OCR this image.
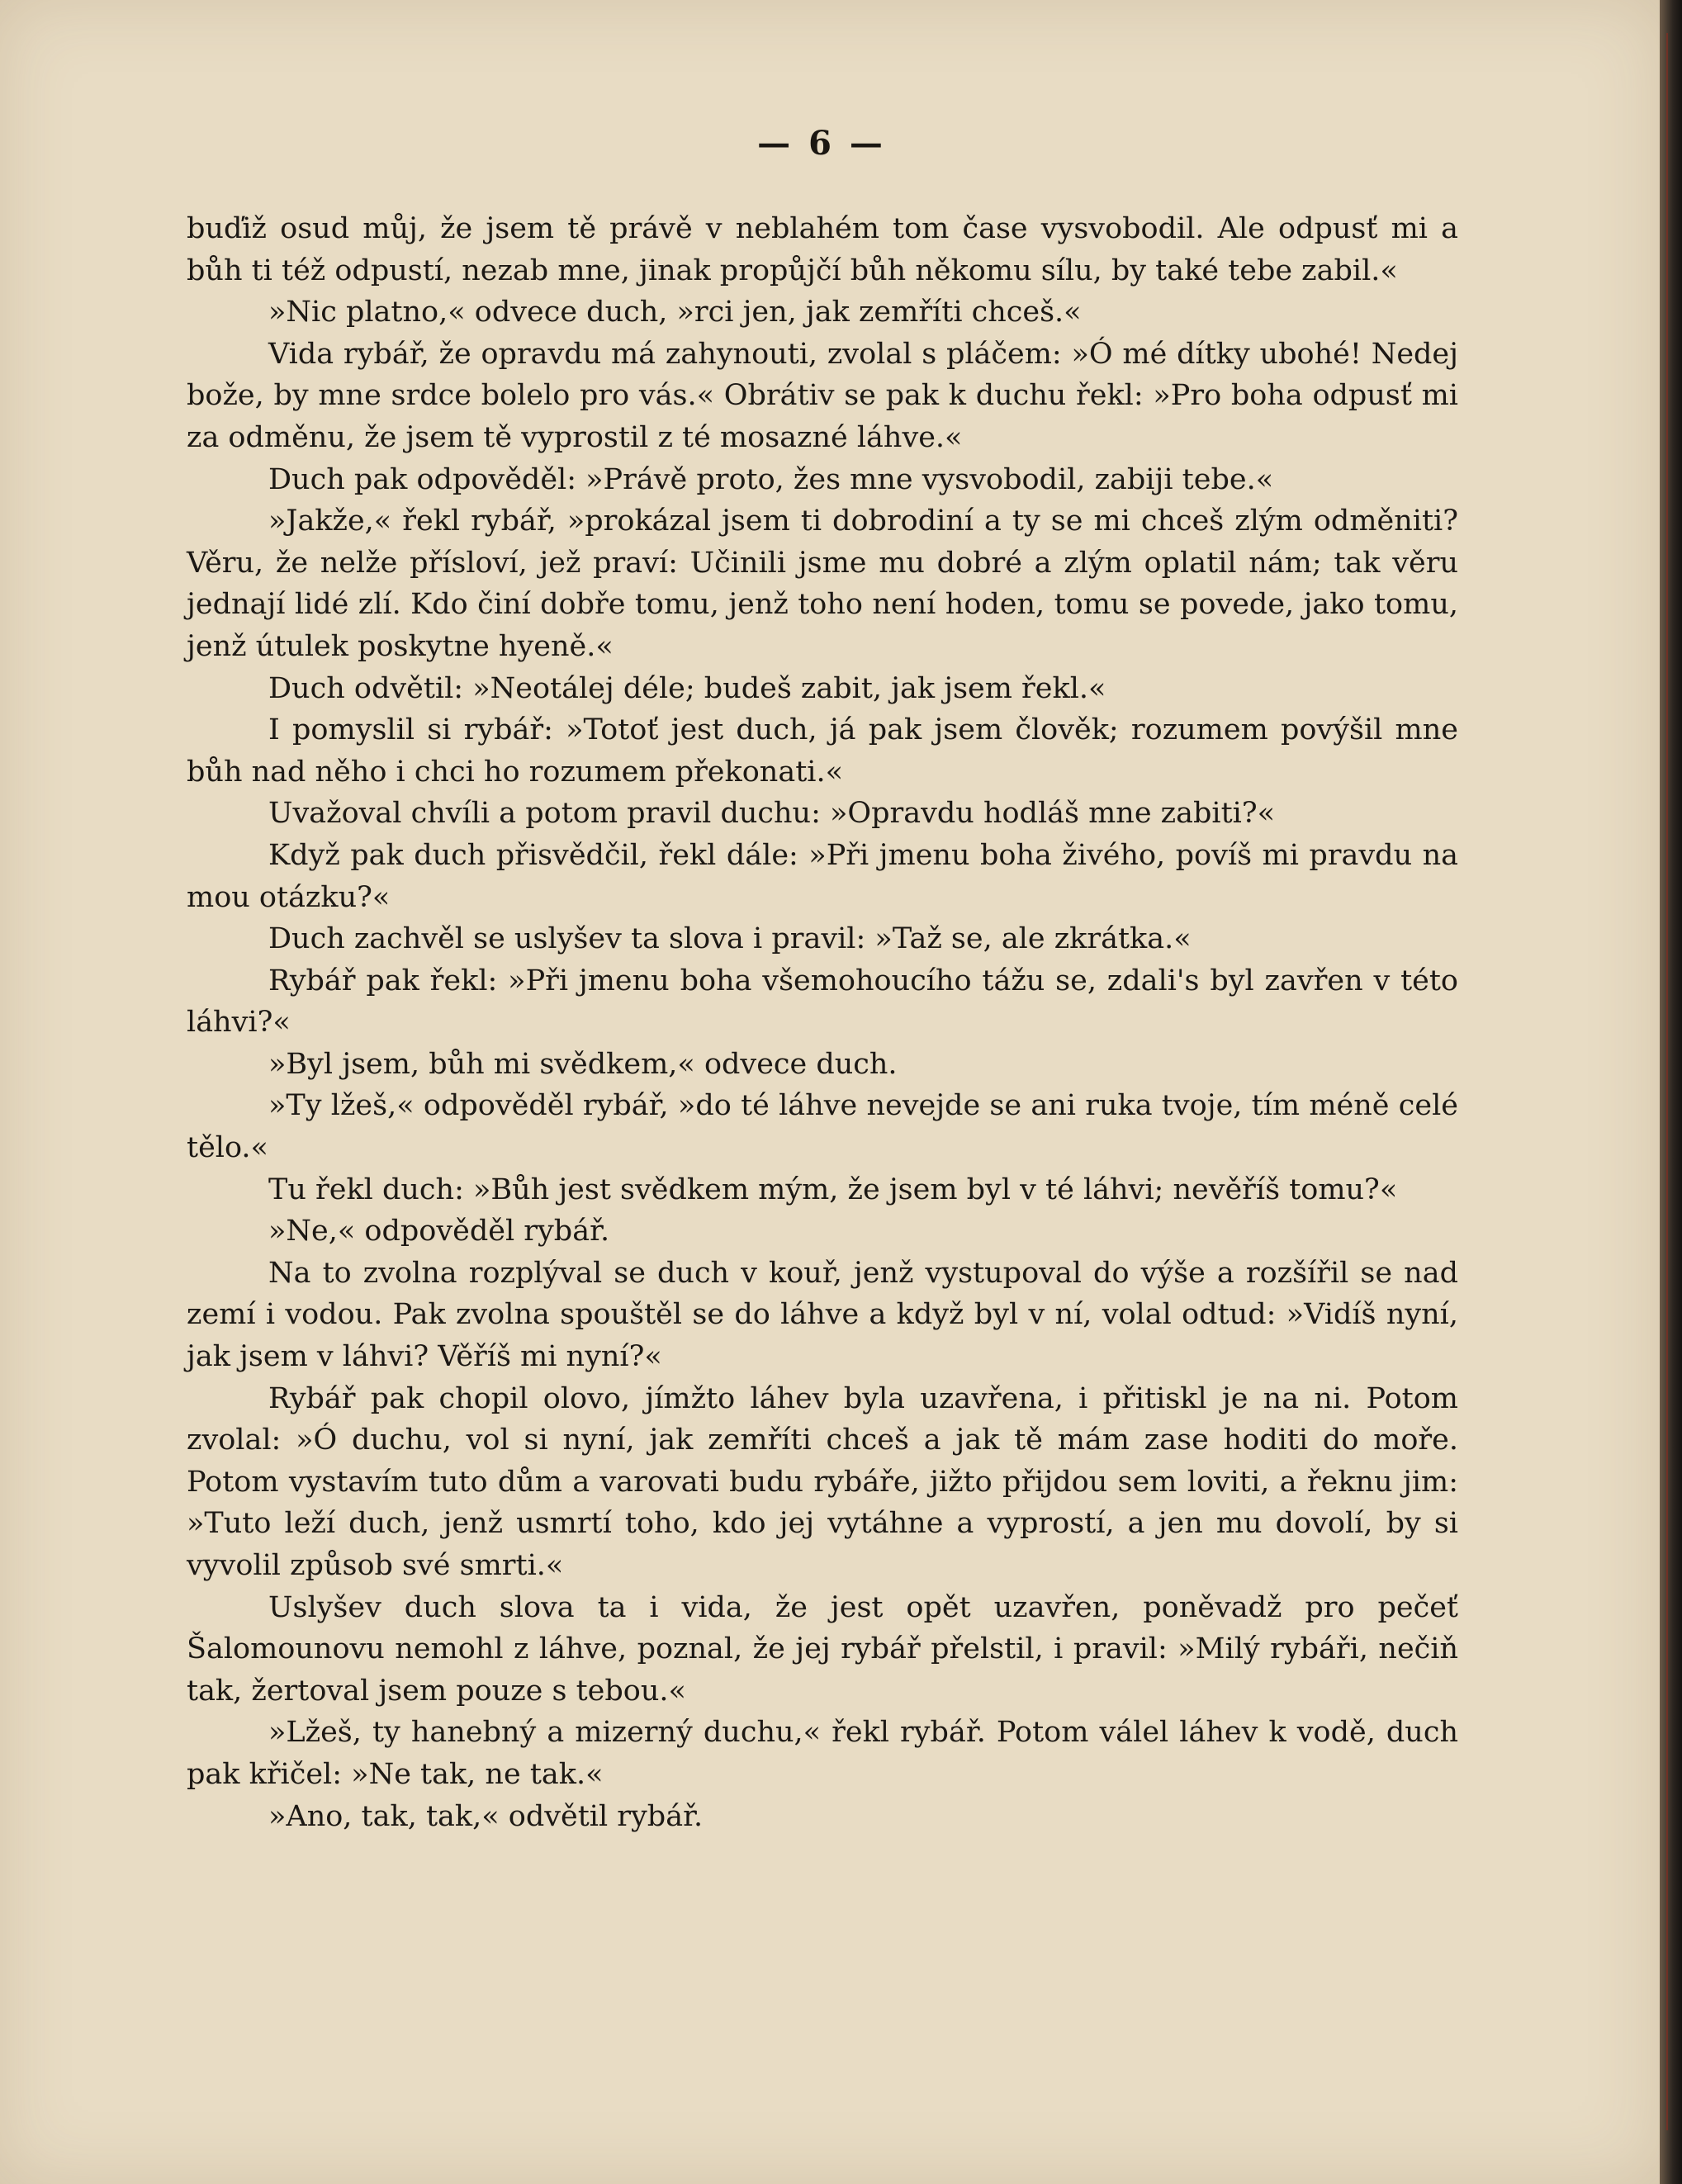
— 6 —

buďiž osud můj, že jsem tě právě v neblahém tom čase vysvobodil. Ale odpusť mi a bůh ti též odpustí, nezab mne, jinak propůjčí bůh někomu sílu, by také tebe zabil.«

»Nic platno,« odvece duch, »rci jen, jak zemříti chceš.«

Vida rybář, že opravdu má zahynouti, zvolal s pláčem: »Ó mé dítky ubohé! Nedej bože, by mne srdce bolelo pro vás.« Obrátiv se pak k duchu řekl: »Pro boha odpusť mi za odměnu, že jsem tě vyprostil z té mosazné láhve.«

Duch pak odpověděl: »Právě proto, žes mne vysvobodil, zabiji tebe.«

»Jakže,« řekl rybář, »prokázal jsem ti dobrodiní a ty se mi chceš zlým odměniti? Věru, že nelže přísloví, jež praví: Učinili jsme mu dobré a zlým oplatil nám; tak věru jednají lidé zlí. Kdo činí dobře tomu, jenž toho není hoden, tomu se povede, jako tomu, jenž útulek poskytne hyeně.«

Duch odvětil: »Neotálej déle; budeš zabit, jak jsem řekl.«

I pomyslil si rybář: »Totoť jest duch, já pak jsem člověk; rozumem povýšil mne bůh nad něho i chci ho rozumem překonati.«

Uvažoval chvíli a potom pravil duchu: »Opravdu hodláš mne zabiti?«

Když pak duch přisvědčil, řekl dále: »Při jmenu boha živého, povíš mi pravdu na mou otázku?«

Duch zachvěl se uslyšev ta slova i pravil: »Taž se, ale zkrátka.«

Rybář pak řekl: »Při jmenu boha všemohoucího tážu se, zdali's byl zavřen v této láhvi?«

»Byl jsem, bůh mi svědkem,« odvece duch.

»Ty lžeš,« odpověděl rybář, »do té láhve nevejde se ani ruka tvoje, tím méně celé tělo.«

Tu řekl duch: »Bůh jest svědkem mým, že jsem byl v té láhvi; nevěříš tomu?«

»Ne,« odpověděl rybář.

Na to zvolna rozplýval se duch v kouř, jenž vystupoval do výše a rozšířil se nad zemí i vodou. Pak zvolna spouštěl se do láhve a když byl v ní, volal odtud: »Vidíš nyní, jak jsem v láhvi? Věříš mi nyní?«

Rybář pak chopil olovo, jímžto láhev byla uzavřena, i přitiskl je na ni. Potom zvolal: »Ó duchu, vol si nyní, jak zemříti chceš a jak tě mám zase hoditi do moře. Potom vystavím tuto dům a varovati budu rybáře, jižto přijdou sem loviti, a řeknu jim: »Tuto leží duch, jenž usmrtí toho, kdo jej vytáhne a vyprostí, a jen mu dovolí, by si vyvolil způsob své smrti.«

Uslyšev duch slova ta i vida, že jest opět uzavřen, poněvadž pro pečeť Šalomounovu nemohl z láhve, poznal, že jej rybář přelstil, i pravil: »Milý rybáři, nečiň tak, žertoval jsem pouze s tebou.«

»Lžeš, ty hanebný a mizerný duchu,« řekl rybář. Potom válel láhev k vodě, duch pak křičel: »Ne tak, ne tak.«

»Ano, tak, tak,« odvětil rybář.
